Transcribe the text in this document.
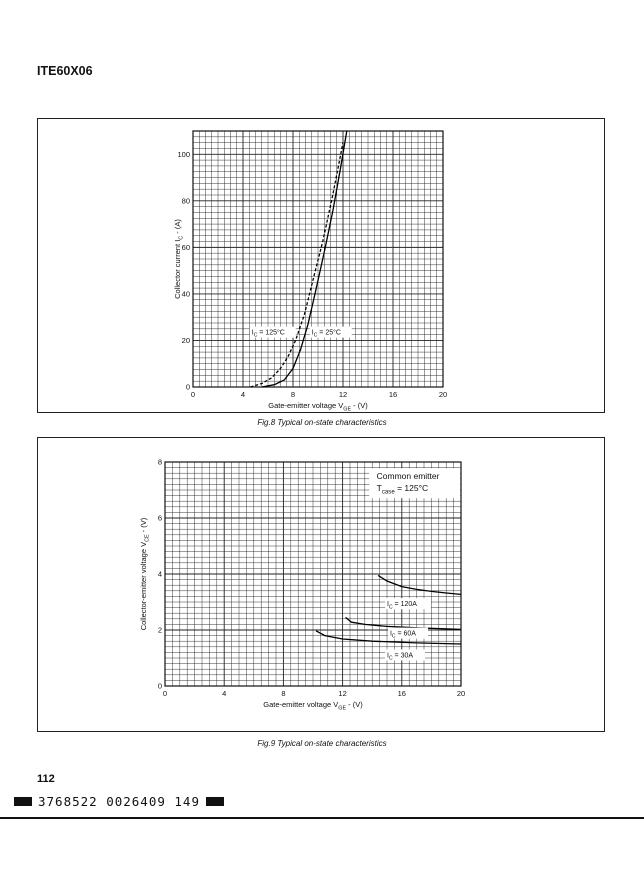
ITE60X06
0	4	8	12	16	20
0
20
40
60
80
100
Gate-emitter voltage $V_{GE} - (V)$
Collector current $I_C - (A)$
$I_C = 125^\circ C$	$I_C = 25^\circ C$
Fig.8 Typical on-state characteristics
0	4	8	12	16	20
0
2
4
6
8
Gate-emitter voltage $V_{GE} - (V)$
Collector-emitter voltage $V_{CE} - (V)$
$I_C = 120A$
$I_C = 60A$
$I_C = 30A$
Common emitter
$T_{case} = 125^\circ C$
Fig.9 Typical on-state characteristics
112
3768522 0026409 149
